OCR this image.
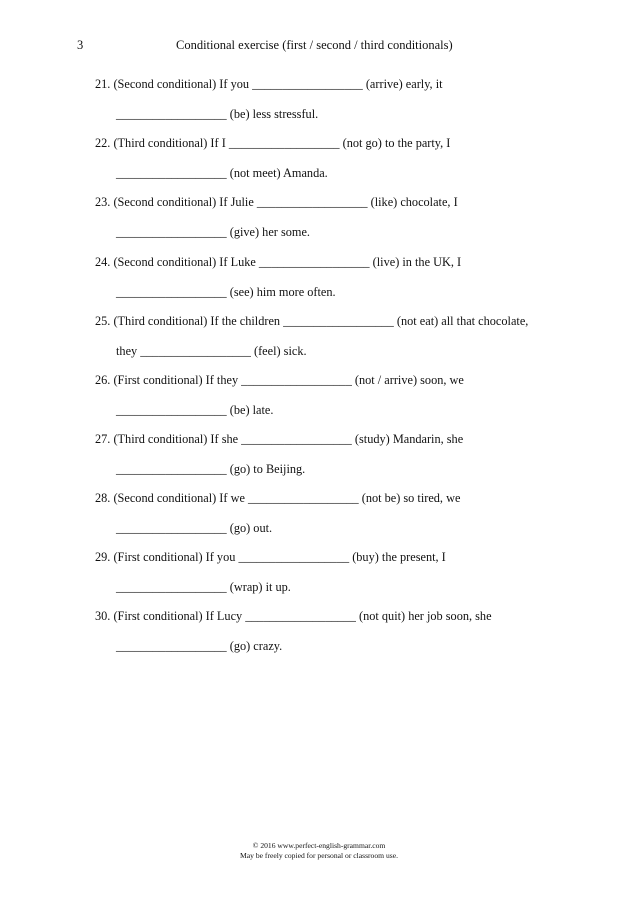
3	Conditional exercise (first / second / third conditionals)
21. (Second conditional) If you __________________ (arrive) early, it
__________________ (be) less stressful.
22. (Third conditional) If I __________________ (not go) to the party, I
__________________ (not meet) Amanda.
23. (Second conditional) If Julie __________________ (like) chocolate, I
__________________ (give) her some.
24. (Second conditional) If Luke __________________ (live) in the UK, I
__________________ (see) him more often.
25. (Third conditional) If the children __________________ (not eat) all that chocolate,
they __________________ (feel) sick.
26. (First conditional) If they __________________ (not / arrive) soon, we
__________________ (be) late.
27. (Third conditional) If she __________________ (study) Mandarin, she
__________________ (go) to Beijing.
28. (Second conditional) If we __________________ (not be) so tired, we
__________________ (go) out.
29. (First conditional) If you __________________ (buy) the present, I
__________________ (wrap) it up.
30. (First conditional) If Lucy __________________ (not quit) her job soon, she
__________________ (go) crazy.
© 2016 www.perfect-english-grammar.com
May be freely copied for personal or classroom use.
